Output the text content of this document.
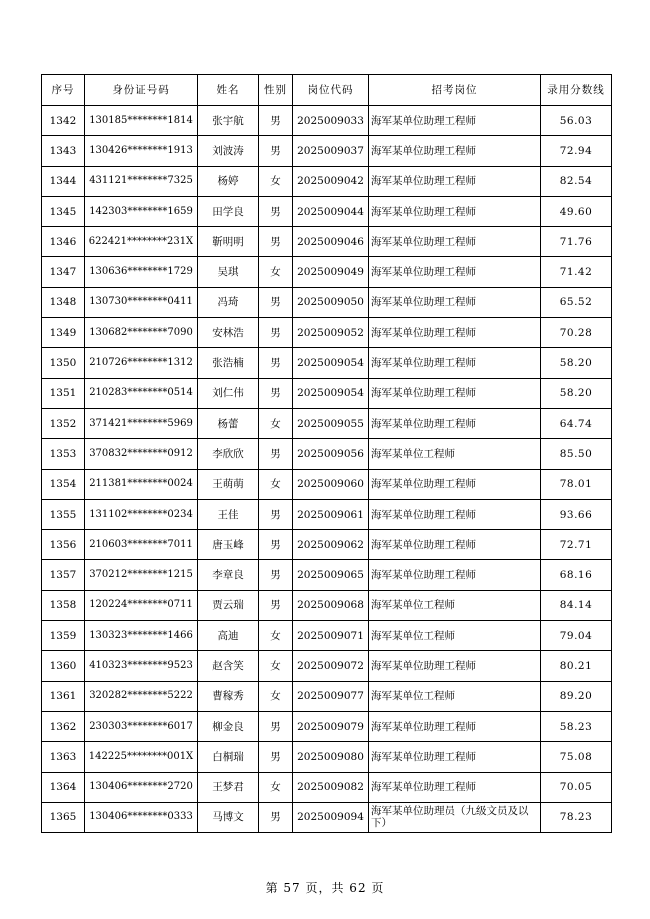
序号	身份证号码	姓名	性别	岗位代码	招考岗位	录用分数线
1342	130185********1814	张宇航	男	2025009033	海军某单位助理工程师	56.03
1343	130426********1913	刘波涛	男	2025009037	海军某单位助理工程师	72.94
1344	431121********7325	杨婷	女	2025009042	海军某单位助理工程师	82.54
1345	142303********1659	田学良	男	2025009044	海军某单位助理工程师	49.60
1346	622421********231X	靳明明	男	2025009046	海军某单位助理工程师	71.76
1347	130636********1729	吴琪	女	2025009049	海军某单位助理工程师	71.42
1348	130730********0411	冯琦	男	2025009050	海军某单位助理工程师	65.52
1349	130682********7090	安林浩	男	2025009052	海军某单位助理工程师	70.28
1350	210726********1312	张浩楠	男	2025009054	海军某单位助理工程师	58.20
1351	210283********0514	刘仁伟	男	2025009054	海军某单位助理工程师	58.20
1352	371421********5969	杨蕾	女	2025009055	海军某单位助理工程师	64.74
1353	370832********0912	李欣欣	男	2025009056	海军某单位工程师	85.50
1354	211381********0024	王萌萌	女	2025009060	海军某单位助理工程师	78.01
1355	131102********0234	王佳	男	2025009061	海军某单位助理工程师	93.66
1356	210603********7011	唐玉峰	男	2025009062	海军某单位助理工程师	72.71
1357	370212********1215	李章良	男	2025009065	海军某单位助理工程师	68.16
1358	120224********0711	贾云瑞	男	2025009068	海军某单位工程师	84.14
1359	130323********1466	高迪	女	2025009071	海军某单位工程师	79.04
1360	410323********9523	赵含笑	女	2025009072	海军某单位助理工程师	80.21
1361	320282********5222	曹稼秀	女	2025009077	海军某单位工程师	89.20
1362	230303********6017	柳金良	男	2025009079	海军某单位助理工程师	58.23
1363	142225********001X	白桐瑞	男	2025009080	海军某单位助理工程师	75.08
1364	130406********2720	王梦君	女	2025009082	海军某单位助理工程师	70.05
1365	130406********0333	马博文	男	2025009094	海军某单位助理员（九级文员及以下）	78.23
第 57 页，共 62 页
